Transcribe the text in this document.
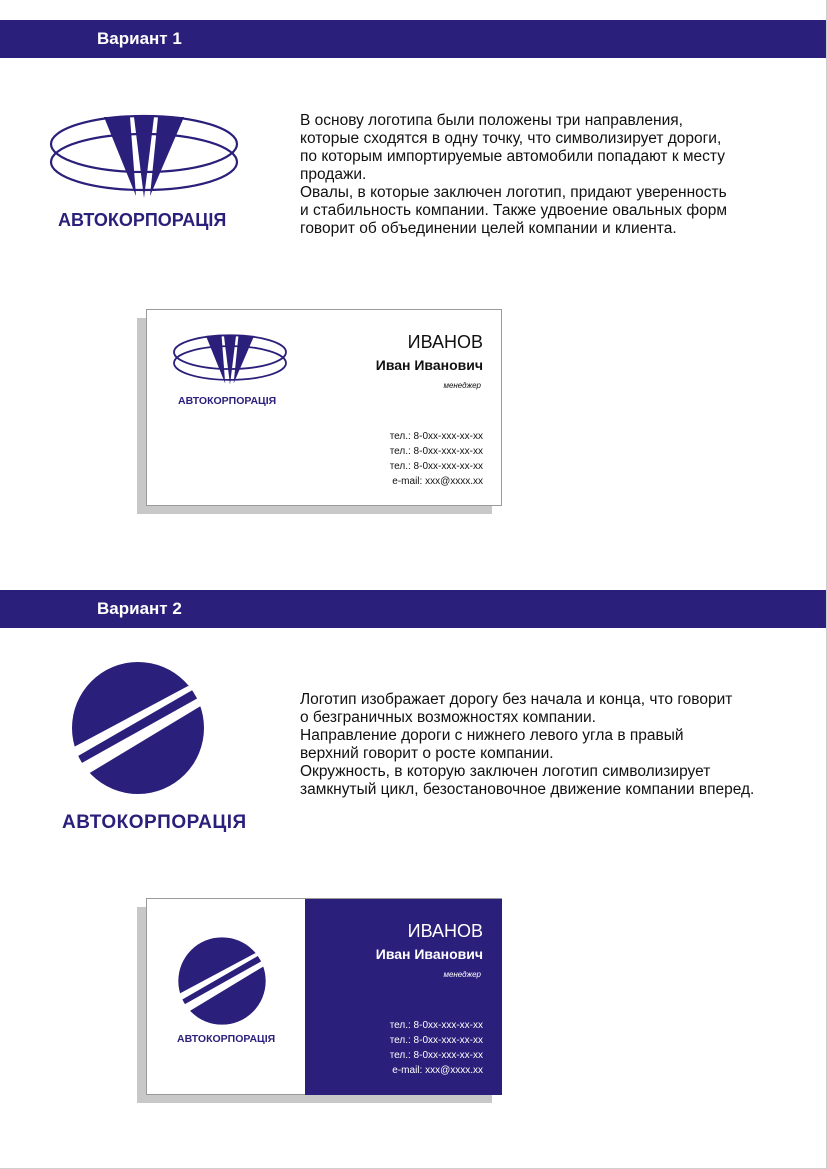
Вариант 1
АВТОКОРПОРАЦІЯ
В основу логотипа были положены три направления,
которые сходятся в одну точку, что символизирует дороги,
по которым импортируемые автомобили попадают к месту
продажи.
Овалы, в которые заключен логотип, придают уверенность
и стабильность компании. Также удвоение овальных форм
говорит об объединении целей компании и клиента.
АВТОКОРПОРАЦІЯ
ИВАНОВ
Иван Иванович
менеджер
тел.: 8-0xx-xxx-xx-xx
тел.: 8-0xx-xxx-xx-xx
тел.: 8-0xx-xxx-xx-xx
e-mail: xxx@xxxx.xx
Вариант 2
АВТОКОРПОРАЦІЯ
Логотип изображает дорогу без начала и конца, что говорит
о безграничных возможностях компании.
Направление дороги с нижнего левого угла в правый
верхний говорит о росте компании.
Окружность, в которую заключен логотип символизирует
замкнутый цикл, безостановочное движение компании вперед.
АВТОКОРПОРАЦІЯ
ИВАНОВ
Иван Иванович
менеджер
тел.: 8-0xx-xxx-xx-xx
тел.: 8-0xx-xxx-xx-xx
тел.: 8-0xx-xxx-xx-xx
e-mail: xxx@xxxx.xx
